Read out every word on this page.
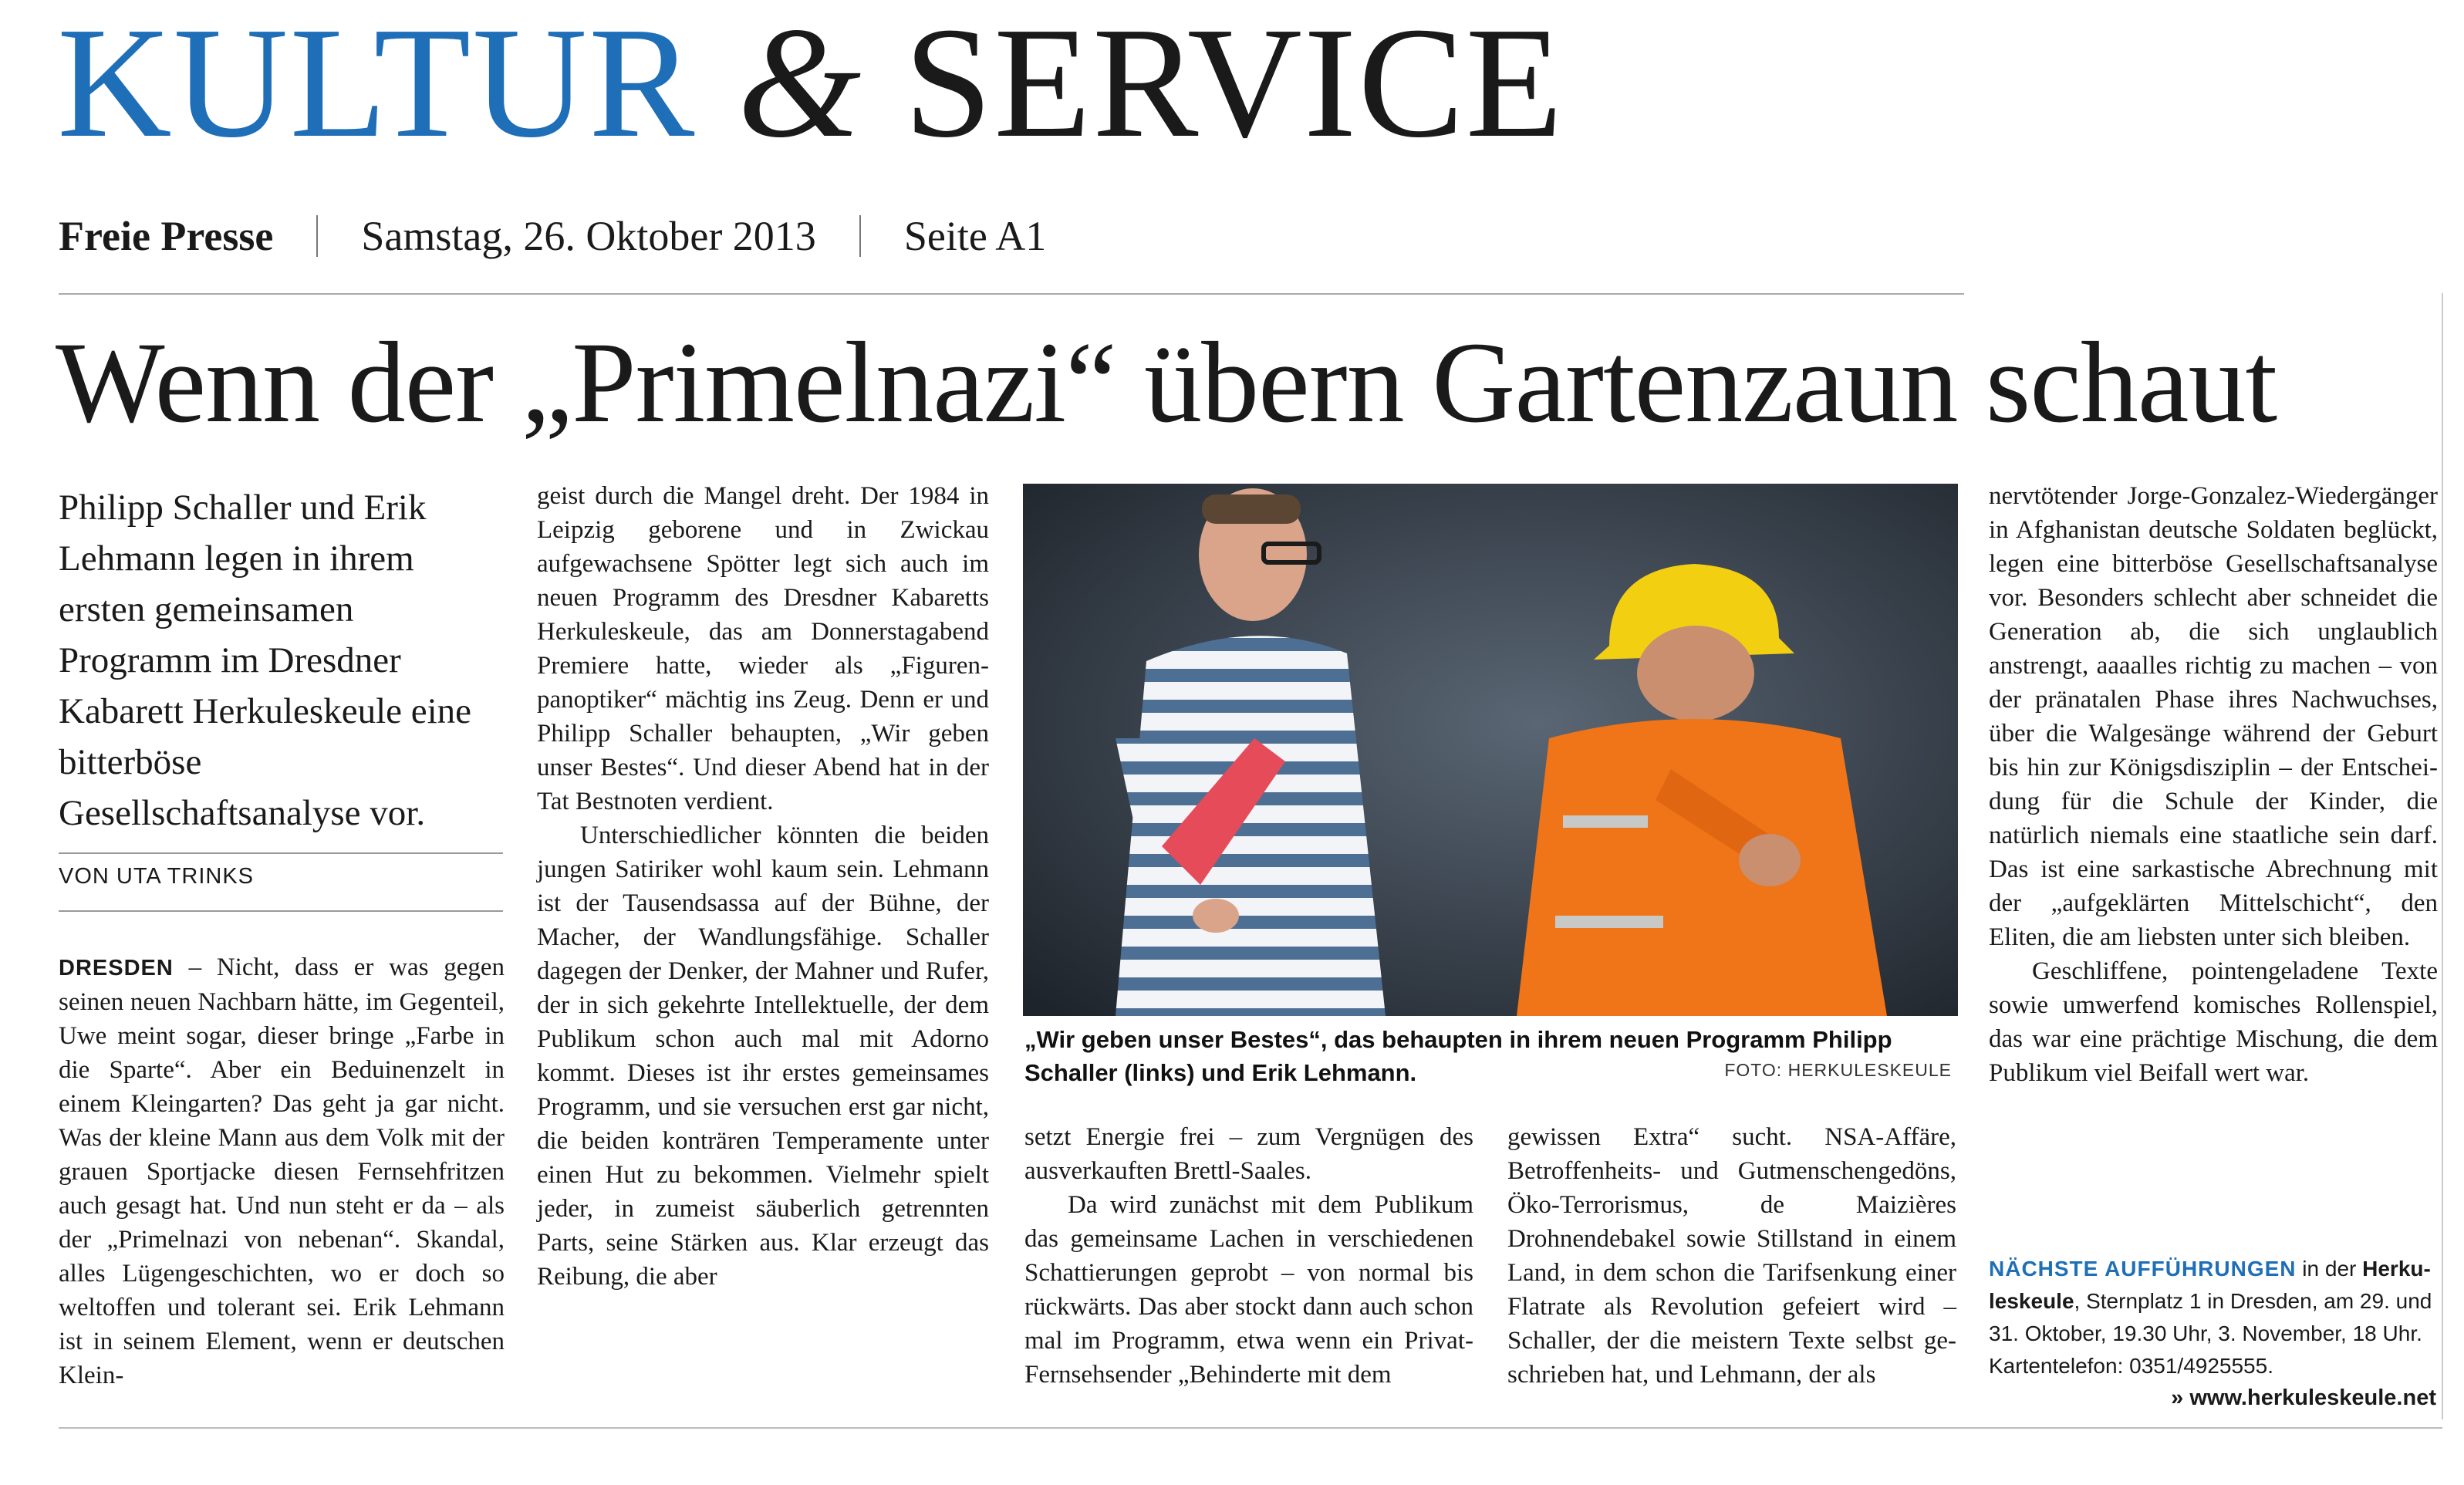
KULTUR & SERVICE
Freie Presse Samstag, 26. Oktober 2013 Seite A1
Wenn der „Primelnazi“ übern Gartenzaun schaut
Philipp Schaller und Erik Lehmann legen in ihrem ersten gemeinsamen Programm im Dresdner Kabarett Herkuleskeule eine bitterböse Gesellschaftsanalyse vor.
VON UTA TRINKS

DRESDEN – Nicht, dass er was gegen seinen neuen Nachbarn hätte, im Gegenteil, Uwe meint sogar, dieser bringe „Farbe in die Sparte“. Aber ein Beduinenzelt in einem Kleingarten? Das geht ja gar nicht. Was der kleine Mann aus dem Volk mit der grauen Sportjacke diesen Fernsehfritzen auch gesagt hat. Und nun steht er da – als der „Primelnazi von nebenan“. Skandal, alles Lügengeschichten, wo er doch so weltoffen und tolerant sei. Erik Lehmann ist in seinem Element, wenn er deutschen Klein-

geist durch die Mangel dreht. Der 1984 in Leipzig geborene und in Zwickau aufgewachsene Spötter legt sich auch im neuen Programm des Dresdner Kabaretts Herkuleskeule, das am Donnerstagabend Premiere hatte, wieder als „Figurenpanoptiker“ mächtig ins Zeug. Denn er und Philipp Schaller behaupten, „Wir geben unser Bestes“. Und dieser Abend hat in der Tat Bestnoten verdient.

Unterschiedlicher könnten die beiden jungen Satiriker wohl kaum sein. Lehmann ist der Tausendsassa auf der Bühne, der Macher, der Wandlungsfähige. Schaller dagegen der Denker, der Mahner und Rufer, der in sich gekehrte Intellektuelle, der dem Publikum schon auch mal mit Adorno kommt. Dieses ist ihr erstes gemeinsames Programm, und sie versuchen erst gar nicht, die beiden konträren Temperamente unter einen Hut zu bekommen. Vielmehr spielt jeder, in zumeist säuberlich getrennten Parts, seine Stärken aus. Klar erzeugt das Reibung, die aber

„Wir geben unser Bestes“, das behaupten in ihrem neuen Programm Philipp Schaller (links) und Erik Lehmann.	FOTO: HERKULESKEULE

setzt Energie frei – zum Vergnügen des ausverkauften Brettl-Saales.

Da wird zunächst mit dem Publikum das gemeinsame Lachen in verschiedenen Schattierungen geprobt – von normal bis rückwärts. Das aber stockt dann auch schon mal im Programm, etwa wenn ein PrivatFernsehsender „Behinderte mit dem

gewissen Extra“ sucht. NSA-Affäre, Betroffenheits- und Gutmenschengedöns, Öko-Terrorismus, de Maizières Drohnendebakel sowie Stillstand in einem Land, in dem schon die Tarifsenkung einer Flatrate als Revolution gefeiert wird – Schaller, der die meistern Texte selbst geschrieben hat, und Lehmann, der als

nervtötender Jorge-Gonzalez-Wiedergänger in Afghanistan deutsche Soldaten beglückt, legen eine bitterböse Gesellschaftsanalyse vor. Besonders schlecht aber schneidet die Generation ab, die sich unglaublich anstrengt, aaaalles richtig zu machen – von der pränatalen Phase ihres Nachwuchses, über die Walgesänge während der Geburt bis hin zur Königsdisziplin – der Entscheidung für die Schule der Kinder, die natürlich niemals eine staatliche sein darf. Das ist eine sarkastische Abrechnung mit der „aufgeklärten Mittelschicht“, den Eliten, die am liebsten unter sich bleiben.

Geschliffene, pointengeladene Texte sowie umwerfend komisches Rollenspiel, das war eine prächtige Mischung, die dem Publikum viel Beifall wert war.

NÄCHSTE AUFFÜHRUNGEN in der Herkuleskeule, Sternplatz 1 in Dresden, am 29. und 31. Oktober, 19.30 Uhr, 3. November, 18 Uhr. Kartentelefon: 0351/4925555.
» www.herkuleskeule.net
